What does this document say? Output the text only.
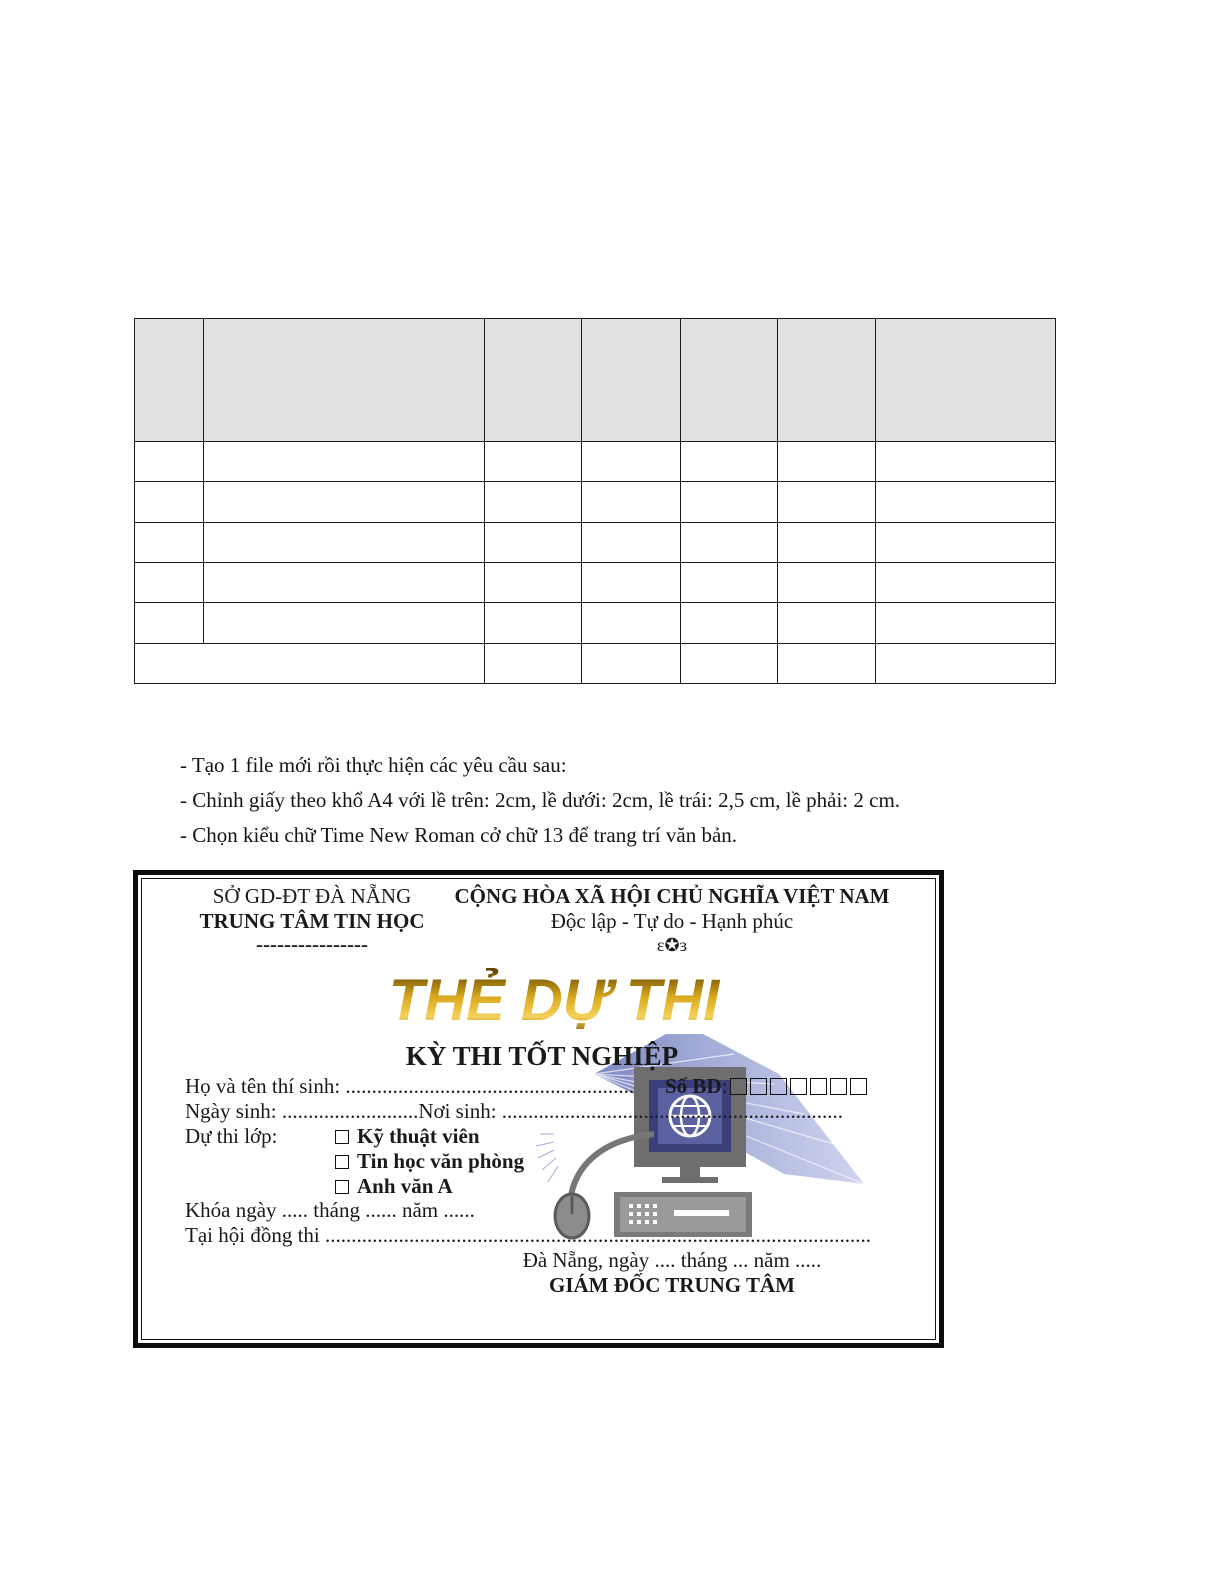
- Tạo 1 file mới rồi thực hiện các yêu cầu sau:
- Chỉnh giấy theo khổ A4 với lề trên: 2cm, lề dưới: 2cm, lề trái: 2,5 cm, lề phải: 2 cm.
- Chọn kiểu chữ Time New Roman cở chữ 13 để trang trí văn bản.
SỞ GD-ĐT ĐÀ NẴNG
TRUNG TÂM TIN HỌC
----------------
CỘNG HÒA XÃ HỘI CHỦ NGHĨA VIỆT NAM
Độc lập - Tự do - Hạnh phúc
ɛ✪ɜ
THẺ DỰ THI
KỲ THI TỐT NGHIỆP
Họ và tên thí sinh: ....................................................... Số BD:
Ngày sinh: ..........................Nơi sinh: .................................................................
Dự thi lớp:	Kỹ thuật viên
Tin học văn phòng
Anh văn A
Khóa ngày ..... tháng ...... năm ......
Tại hội đồng thi ........................................................................................................
Đà Nẵng, ngày .... tháng ... năm .....
GIÁM ĐỐC TRUNG TÂM
